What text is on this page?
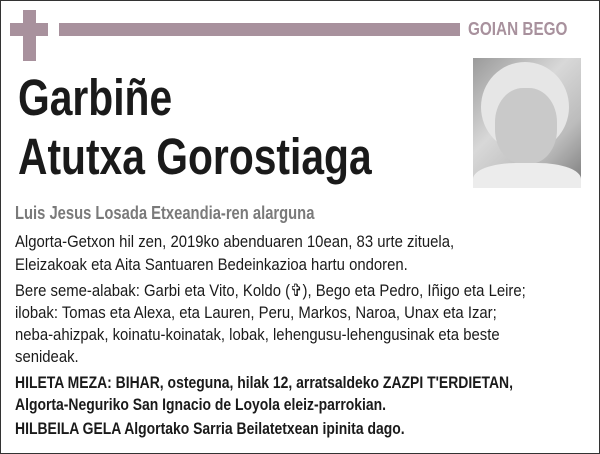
GOIAN BEGO
Garbiñe
Atutxa Gorostiaga
Luis Jesus Losada Etxeandia-ren alarguna
Algorta-Getxon hil zen, 2019ko abenduaren 10ean, 83 urte zituela,
Eleizakoak eta Aita Santuaren Bedeinkazioa hartu ondoren.
Bere seme-alabak: Garbi eta Vito, Koldo (✞), Bego eta Pedro, Iñigo eta Leire;
ilobak: Tomas eta Alexa, eta Lauren, Peru, Markos, Naroa, Unax eta Izar;
neba-ahizpak, koinatu-koinatak, lobak, lehengusu-lehengusinak eta beste
senideak.
HILETA MEZA: BIHAR, osteguna, hilak 12, arratsaldeko ZAZPI T'ERDIETAN,
Algorta-Neguriko San Ignacio de Loyola eleiz-parrokian.
HILBEILA GELA Algortako Sarria Beilatetxean ipinita dago.
